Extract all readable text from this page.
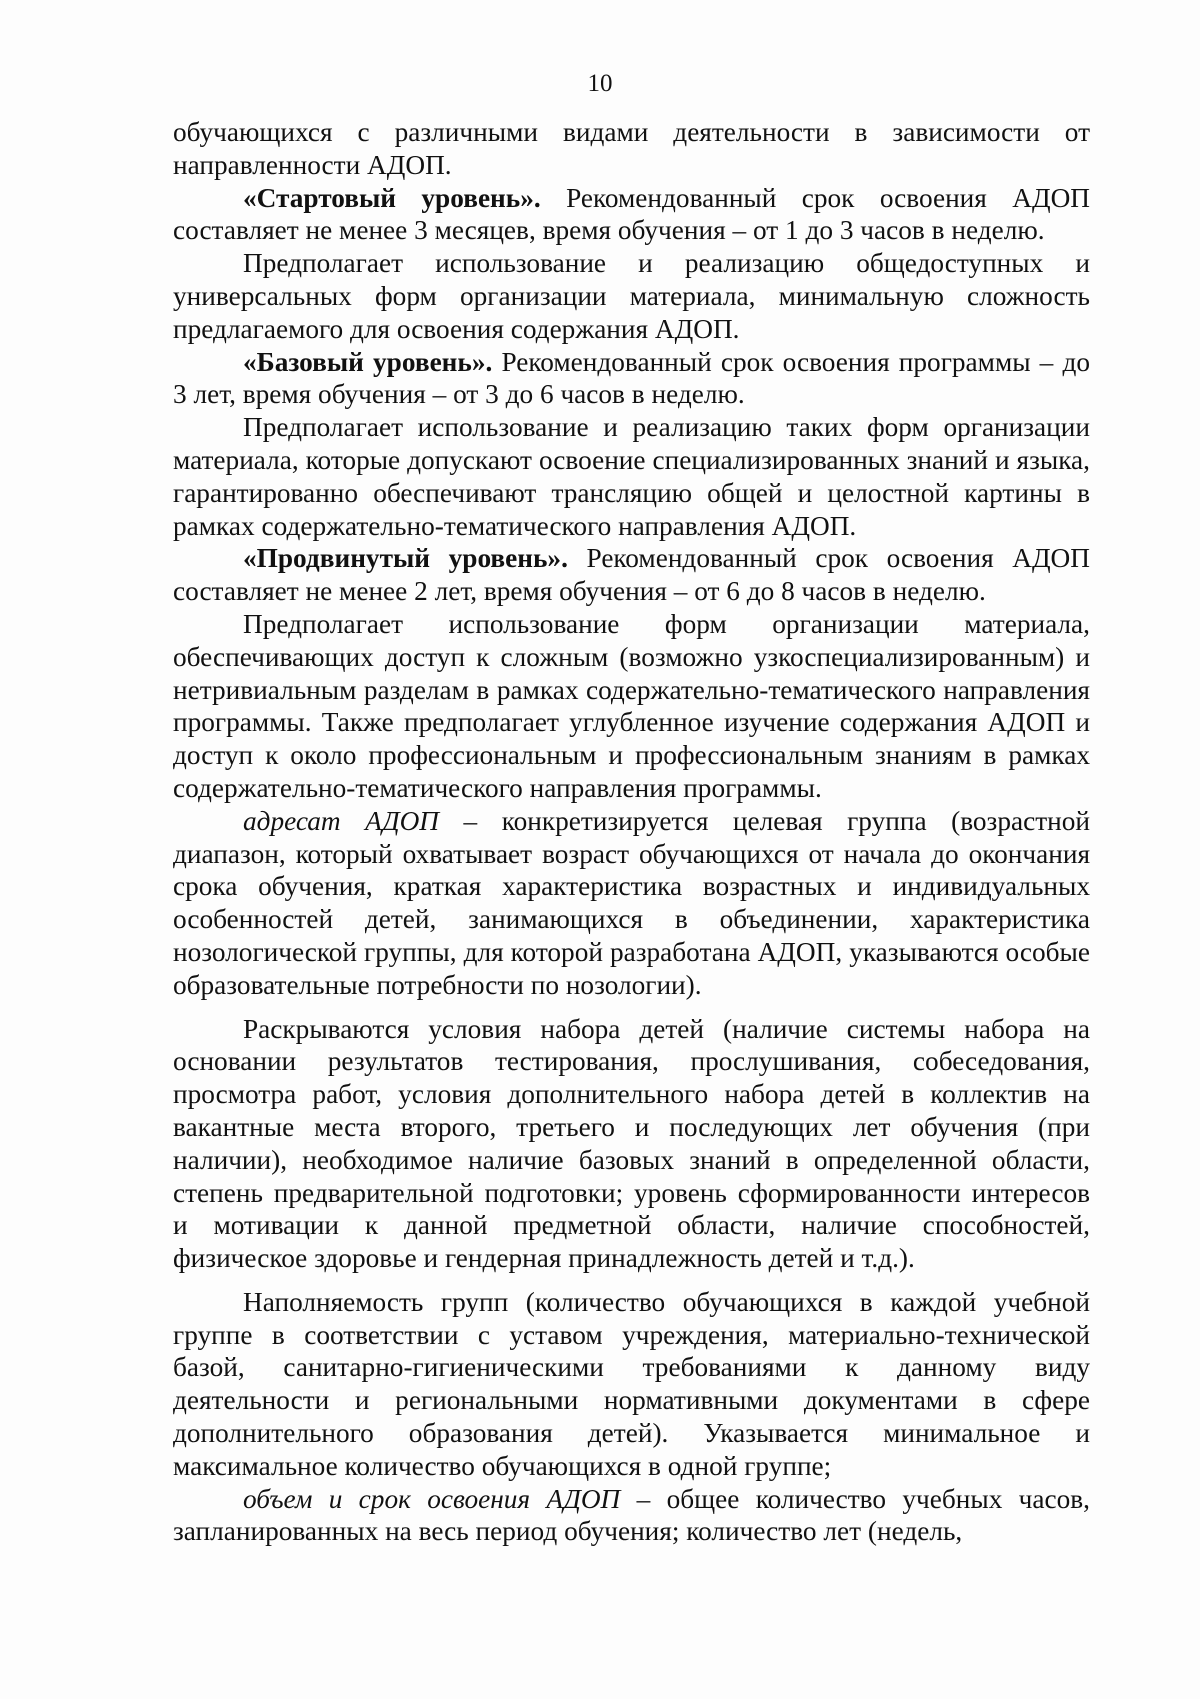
10

обучающихся с различными видами деятельности в зависимости от направленности АДОП.

«Стартовый уровень». Рекомендованный срок освоения АДОП составляет не менее 3 месяцев, время обучения – от 1 до 3 часов в неделю.

Предполагает использование и реализацию общедоступных и универсальных форм организации материала, минимальную сложность предлагаемого для освоения содержания АДОП.

«Базовый уровень». Рекомендованный срок освоения программы – до 3 лет, время обучения – от 3 до 6 часов в неделю.

Предполагает использование и реализацию таких форм организации материала, которые допускают освоение специализированных знаний и языка, гарантированно обеспечивают трансляцию общей и целостной картины в рамках содержательно-тематического направления АДОП.

«Продвинутый уровень». Рекомендованный срок освоения АДОП составляет не менее 2 лет, время обучения – от 6 до 8 часов в неделю.

Предполагает использование форм организации материала, обеспечивающих доступ к сложным (возможно узкоспециализированным) и нетривиальным разделам в рамках содержательно-тематического направления программы. Также предполагает углубленное изучение содержания АДОП и доступ к около профессиональным и профессиональным знаниям в рамках содержательно-тематического направления программы.

адресат АДОП – конкретизируется целевая группа (возрастной диапазон, который охватывает возраст обучающихся от начала до окончания срока обучения, краткая характеристика возрастных и индивидуальных особенностей детей, занимающихся в объединении, характеристика нозологической группы, для которой разработана АДОП, указываются особые образовательные потребности по нозологии).

Раскрываются условия набора детей (наличие системы набора на основании результатов тестирования, прослушивания, собеседования, просмотра работ, условия дополнительного набора детей в коллектив на вакантные места второго, третьего и последующих лет обучения (при наличии), необходимое наличие базовых знаний в определенной области, степень предварительной подготовки; уровень сформированности интересов и мотивации к данной предметной области, наличие способностей, физическое здоровье и гендерная принадлежность детей и т.д.).

Наполняемость групп (количество обучающихся в каждой учебной группе в соответствии с уставом учреждения, материально-технической базой, санитарно-гигиеническими требованиями к данному виду деятельности и региональными нормативными документами в сфере дополнительного образования детей). Указывается минимальное и максимальное количество обучающихся в одной группе;

объем и срок освоения АДОП – общее количество учебных часов, запланированных на весь период обучения; количество лет (недель,
